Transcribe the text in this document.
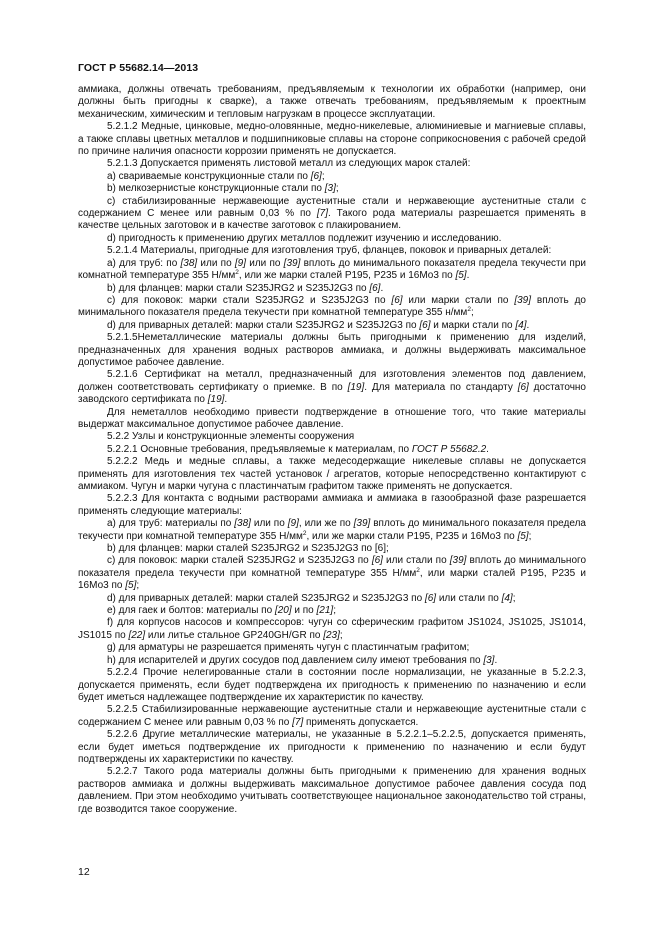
ГОСТ Р 55682.14—2013

аммиака, должны отвечать требованиям, предъявляемым к технологии их обработки (например, они должны быть пригодны к сварке), а также отвечать требованиям, предъявляемым к проектным механическим, химическим и тепловым нагрузкам в процессе эксплуатации.

5.2.1.2 Медные, цинковые, медно-оловянные, медно-никелевые, алюминиевые и магниевые сплавы, а также сплавы цветных металлов и подшипниковые сплавы на стороне соприкосновения с рабочей средой по причине наличия опасности коррозии применять не допускается.

5.2.1.3 Допускается применять листовой металл из следующих марок сталей:

a) свариваемые конструкционные стали по [6];

b) мелкозернистые конструкционные стали по [3];

c) стабилизированные нержавеющие аустенитные стали и нержавеющие аустенитные стали с содержанием С менее или равным 0,03 % по [7]. Такого рода материалы разрешается применять в качестве цельных заготовок и в качестве заготовок с плакированием.

d) пригодность к применению других металлов подлежит изучению и исследованию.

5.2.1.4 Материалы, пригодные для изготовления труб, фланцев, поковок и приварных деталей:

a) для труб: по [38] или по [9] или по [39] вплоть до минимального показателя предела текучести при комнатной температуре 355 $Н/мм^2$, или же марки сталей Р195, Р235 и 16Мо3 по [5].

b) для фланцев: марки стали S235JRG2 и S235J2G3 по [6].

c) для поковок: марки стали S235JRG2 и S235J2G3 по [6] или марки стали по [39] вплоть до минимального показателя предела текучести при комнатной температуре 355 $н/мм^2$;

d) для приварных деталей: марки стали S235JRG2 и S235J2G3 по [6] и марки стали по [4].

5.2.1.5Неметаллические материалы должны быть пригодными к применению для изделий, предназначенных для хранения водных растворов аммиака, и должны выдерживать максимальное допустимое рабочее давление.

5.2.1.6 Сертификат на металл, предназначенный для изготовления элементов под давлением, должен соответствовать сертификату о приемке. В по [19]. Для материала по стандарту [6] достаточно заводского сертификата по [19].

Для неметаллов необходимо привести подтверждение в отношение того, что такие материалы выдержат максимальное допустимое рабочее давление.

5.2.2 Узлы и конструкционные элементы сооружения

5.2.2.1 Основные требования, предъявляемые к материалам, по ГОСТ Р 55682.2.

5.2.2.2 Медь и медные сплавы, а также медесодержащие никелевые сплавы не допускается применять для изготовления тех частей установок / агрегатов, которые непосредственно контактируют с аммиаком. Чугун и марки чугуна с пластинчатым графитом также применять не допускается.

5.2.2.3 Для контакта с водными растворами аммиака и аммиака в газообразной фазе разрешается применять следующие материалы:

a) для труб: материалы по [38] или по [9], или же по [39] вплоть до минимального показателя предела текучести при комнатной температуре 355 $Н/мм^2$, или же марки стали Р195, Р235 и 16Мо3 по [5];

b) для фланцев: марки сталей S235JRG2 и S235J2G3 по [6];

c) для поковок: марки сталей S235JRG2 и S235J2G3 по [6] или стали по [39] вплоть до минимального показателя предела текучести при комнатной температуре 355 $Н/мм^2$, или марки сталей Р195, Р235 и 16Мо3 по [5];

d) для приварных деталей: марки сталей S235JRG2 и S235J2G3 по [6] или стали по [4];

e) для гаек и болтов: материалы по [20] и по [21];

f) для корпусов насосов и компрессоров: чугун со сферическим графитом JS1024, JS1025, JS1014, JS1015 по [22] или литье стальное GP240GH/GR по [23];

g) для арматуры не разрешается применять чугун с пластинчатым графитом;

h) для испарителей и других сосудов под давлением силу имеют требования по [3].

5.2.2.4 Прочие нелегированные стали в состоянии после нормализации, не указанные в 5.2.2.3, допускается применять, если будет подтверждена их пригодность к применению по назначению и если будет иметься надлежащее подтверждение их характеристик по качеству.

5.2.2.5 Стабилизированные нержавеющие аустенитные стали и нержавеющие аустенитные стали с содержанием С менее или равным 0,03 % по [7] применять допускается.

5.2.2.6 Другие металлические материалы, не указанные в 5.2.2.1–5.2.2.5, допускается применять, если будет иметься подтверждение их пригодности к применению по назначению и если будут подтверждены их характеристики по качеству.

5.2.2.7 Такого рода материалы должны быть пригодными к применению для хранения водных растворов аммиака и должны выдерживать максимальное допустимое рабочее давления сосуда под давлением. При этом необходимо учитывать соответствующее национальное законодательство той страны, где возводится такое сооружение.

12
